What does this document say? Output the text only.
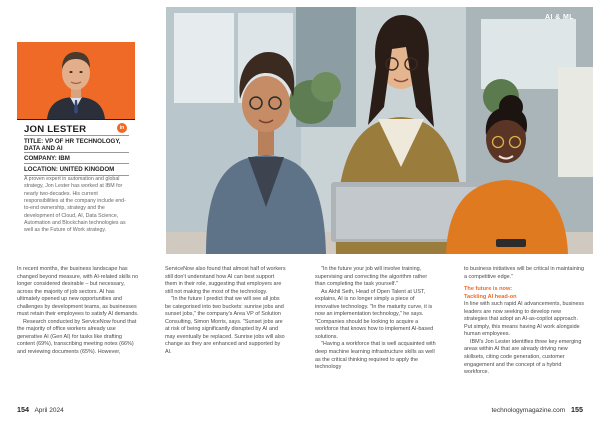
JON LESTER	in
TITLE: VP OF HR TECHNOLOGY, DATA AND AI
COMPANY: IBM
LOCATION: UNITED KINGDOM
A proven expert in automation and global strategy, Jon Lester has worked at IBM for nearly two-decades. His current responsibilities at the company include end-to-end ownership, strategy and the development of Cloud, AI, Data Science, Automation and Blockchain technologies as well as the Future of Work strategy.
AI & ML

In recent months, the business landscape has changed beyond measure, with AI-related skills no longer considered desirable – but necessary, across the majority of job sectors. AI has ultimately opened up new opportunities and challenges by development teams, as businesses must retain their employees to satisfy AI demands.

Research conducted by ServiceNow found that the majority of office workers already use generative AI (Gen AI) for tasks like drafting content (69%), transcribing meeting notes (66%) and reviewing documents (65%). However,

ServiceNow also found that almost half of workers still don't understand how AI can best support them in their role, suggesting that employers are still not making the most of the technology.

"In the future I predict that we will see all jobs be categorised into two buckets: sunrise jobs and sunset jobs," the company's Area VP of Solution Consulting, Simon Morris, says. "Sunset jobs are at risk of being significantly disrupted by AI and may eventually be replaced. Sunrise jobs will also change as they are enhanced and supported by AI.

"In the future your job will involve training, supervising and correcting the algorithm rather than completing the task yourself."

As Akhil Seth, Head of Open Talent at UST, explains, AI is no longer simply a piece of innovative technology. "In the maturity curve, it is now an implementation technology," he says. "Companies should be looking to acquire a workforce that knows how to implement AI-based solutions.

"Having a workforce that is well acquainted with deep machine learning infrastructure skills as well as the critical thinking required to apply the technology

to business initiatives will be critical in maintaining a competitive edge."

The future is now:
Tackling AI head-on

In line with such rapid AI advancements, business leaders are now seeking to develop new strategies that adopt an AI-as-copilot approach. Put simply, this means having AI work alongside human employees.

IBM's Jon Lester identifies three key emerging areas within AI that are already driving new skillsets, citing code generation, customer engagement and the concept of a hybrid workforce.

154 April 2024	technologymagazine.com 155
